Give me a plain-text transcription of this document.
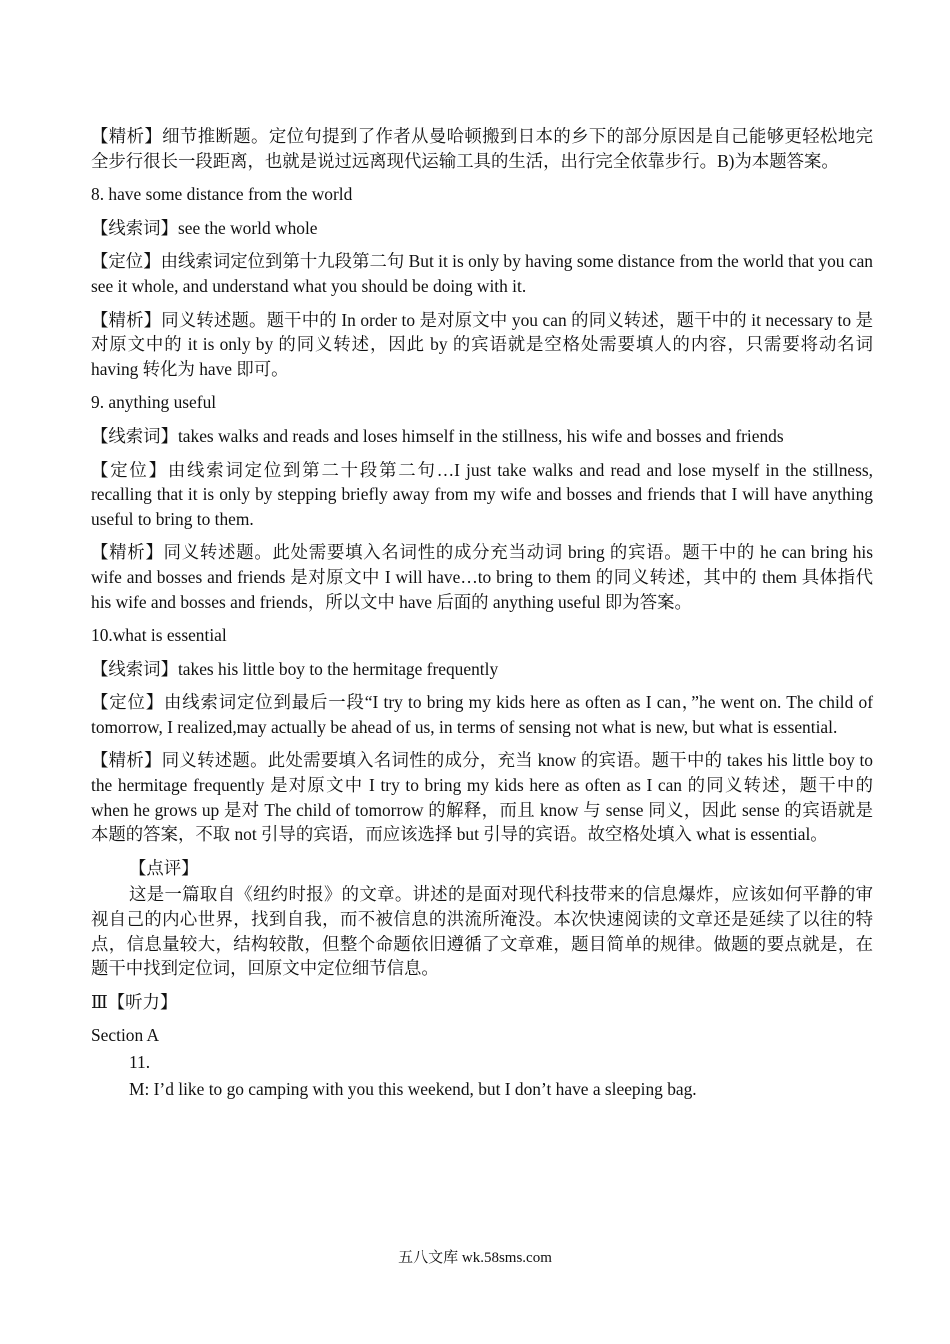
【精析】细节推断题。定位句提到了作者从曼哈顿搬到日本的乡下的部分原因是自己能够更轻松地完全步行很长一段距离，也就是说过远离现代运输工具的生活，出行完全依靠步行。B)为本题答案。

8. have some distance from the world

【线索词】see the world whole

【定位】由线索词定位到第十九段第二句 But it is only by having some distance from the world that you can see it whole, and understand what you should be doing with it.

【精析】同义转述题。题干中的 In order to 是对原文中 you can 的同义转述，题干中的 it necessary to 是对原文中的 it is only by 的同义转述，因此 by 的宾语就是空格处需要填人的内容，只需要将动名词 having 转化为 have 即可。

9. anything useful

【线索词】takes walks and reads and loses himself in the stillness, his wife and bosses and friends

【定位】由线索词定位到第二十段第二句…I just take walks and read and lose myself in the stillness, recalling that it is only by stepping briefly away from my wife and bosses and friends that I will have anything useful to bring to them.

【精析】同义转述题。此处需要填入名词性的成分充当动词 bring 的宾语。题干中的 he can bring his wife and bosses and friends 是对原文中 I will have…to bring to them 的同义转述，其中的 them 具体指代 his wife and bosses and friends，所以文中 have 后面的 anything useful 即为答案。

10.what is essential

【线索词】takes his little boy to the hermitage frequently

【定位】由线索词定位到最后一段“I try to bring my kids here as often as I can，”he went on. The child of tomorrow, I realized,may actually be ahead of us, in terms of sensing not what is new, but what is essential.

【精析】同义转述题。此处需要填入名词性的成分，充当 know 的宾语。题干中的 takes his little boy to the hermitage frequently 是对原文中 I try to bring my kids here as often as I can 的同义转述，题干中的 when he grows up 是对 The child of tomorrow 的解释，而且 know 与 sense 同义，因此 sense 的宾语就是本题的答案，不取 not 引导的宾语，而应该选择 but 引导的宾语。故空格处填入 what is essential。

【点评】

这是一篇取自《纽约时报》的文章。讲述的是面对现代科技带来的信息爆炸，应该如何平静的审视自己的内心世界，找到自我，而不被信息的洪流所淹没。本次快速阅读的文章还是延续了以往的特点，信息量较大，结构较散，但整个命题依旧遵循了文章难，题目简单的规律。做题的要点就是，在题干中找到定位词，回原文中定位细节信息。

Ⅲ【听力】

Section A

11.

M: I’d like to go camping with you this weekend, but I don’t have a sleeping bag.

五八文库 wk.58sms.com
